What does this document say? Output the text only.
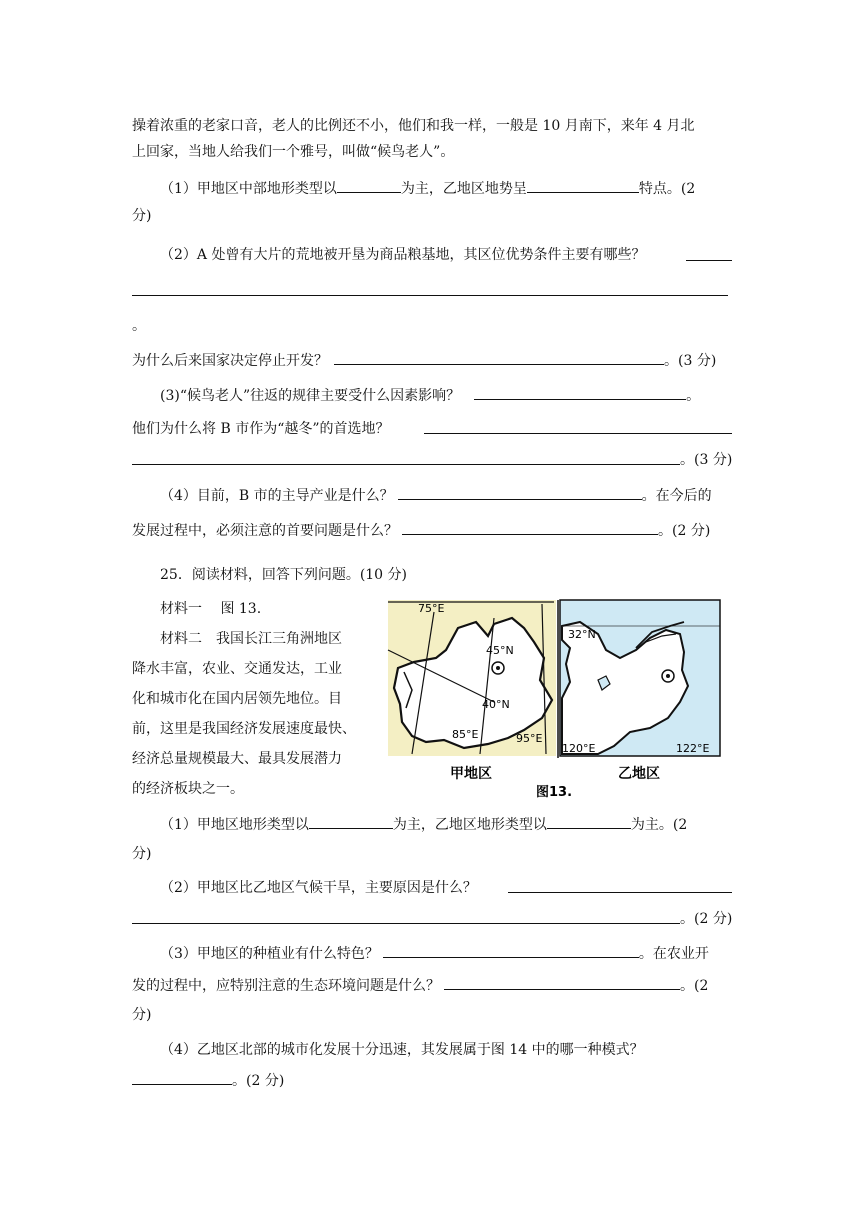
操着浓重的老家口音，老人的比例还不小，他们和我一样，一般是 10 月南下，来年 4 月北
上回家，当地人给我们一个雅号，叫做“候鸟老人”。
（1）甲地区中部地形类型以	为主，乙地区地势呈	特点。(2
分)
（2）A 处曾有大片的荒地被开垦为商品粮基地，其区位优势条件主要有哪些？
。
为什么后来国家决定停止开发？	。(3 分)
(3)“候鸟老人”往返的规律主要受什么因素影响？	。
他们为什么将 B 市作为“越冬”的首选地？
。(3 分)
（4）目前，B 市的主导产业是什么？	。在今后的
发展过程中，必须注意的首要问题是什么？	。(2 分)
25．阅读材料，回答下列问题。(10 分)
材料一　 图 13.
材料二　我国长江三角洲地区
降水丰富，农业、交通发达，工业
化和城市化在国内居领先地位。目
前，这里是我国经济发展速度最快、
经济总量规模最大、最具发展潜力
的经济板块之一。
75°E
45°N
40°N
85°E	95°E
32°N
120°E	122°E
甲地区	乙地区
图13.
（1）甲地区地形类型以	为主，乙地区地形类型以	为主。(2
分)
（2）甲地区比乙地区气候干旱，主要原因是什么？
。(2 分)
（3）甲地区的种植业有什么特色？	。在农业开
发的过程中，应特别注意的生态环境问题是什么？	。(2
分)
（4）乙地区北部的城市化发展十分迅速，其发展属于图 14 中的哪一种模式？
。(2 分)
